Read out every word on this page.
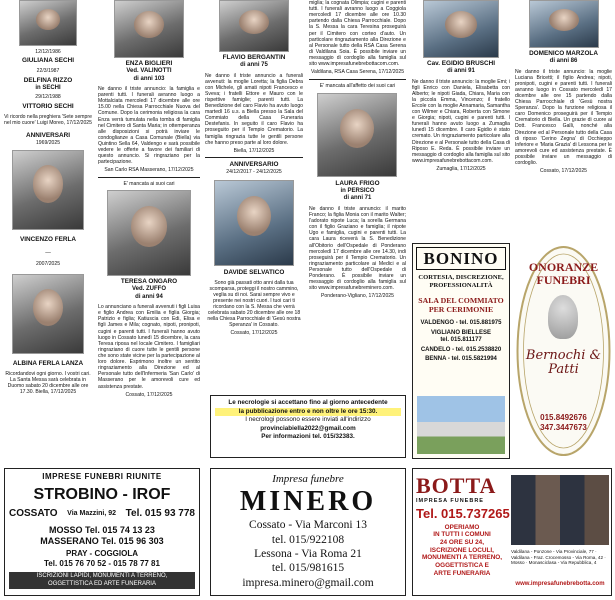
12/12/1986
GIULIANA SECHI
22/3/1987
DELFINA RIZZO
in SECHI
29/12/1988
VITTORIO SECHI
Vi ricordo nella preghiera 'Sete sempre nel mio cuore' Luigi Moreo, 17/12/2025
ANNIVERSARI
1969/2025
VINCENZO FERLA
—
2007/2025
ALBINA FERLA LANZA
Ricordandovi ogni giorno. I vostri cari. La Santa Messa sarà celebrata in Duomo sabato 20 dicembre alle ore 17.30. Biella, 17/12/2025
ENZA BIGLIERI
Ved. VALINOTTI
di anni 103
Ne danno il triste annuncio: la famiglia e parenti tutti. I funerali avranno luogo a Mottalciata mercoledì 17 dicembre alle ore 15.00 nella Chiesa Parrocchiale Nuova del Comune. Dopo la cerimonia religiosa la cara Enza verrà tumulata nella tomba di famiglia nel Cimitero di Santa Maria; in ottemperanza alle disposizioni si potrà inviare le condoglianze a Casa Comunale (Biella) via Quintino Sella 64, Valdengo e sarà possibile vedere le offerte a favore dei familiari di questo annuncio. Si ringraziano per la partecipazione.
San Carlo RSA Masserano, 17/12/2025
E' mancata ai suoi cari
TERESA ONGARO
Ved. ZUFFO
di anni 94
Lo annunciano a funerali avvenuti i figli Luisa e figlio Andrea con Emilia e figlia Giorgia; Patrizio e figlia; Katiuscia con Edi, Elisa e figli James e Mila; cognato, nipoti, pronipoti, cugini e parenti tutti. I funerali hanno avuto luogo in Cossato lunedì 15 dicembre, la cara Teresa riposa nel locale Cimitero. I famigliari ringraziano di cuore tutte le gentili persone che sono state vicine per la partecipazione al loro dolore. Esprimono inoltre un sentito ringraziamento alla Direzione ed al Personale tutto dell'Infermeria 'San Carlo' di Masserano per le amorevoli cure ed assistenza prestate.
Cossato, 17/12/2025
FLAVIO BERGANTIN
di anni 75
Ne danno il triste annuncio a funerali avvenuti: la moglie Loretta; la figlia Debra con Michele, gli amati nipoti Francesco e Sveva; i fratelli Ettore e Mauro con le rispettive famiglie; parenti tutti. La Benedizione del caro Flavio ha avuto luogo martedì 16 u.s. a Biella presso la Sala del Commiato della Casa Funeraria Destefanis. In seguito il caro Flavio ha proseguito per il Tempio Crematorio. La famiglia ringrazia tutte le gentili persone che hanno preso parte al loro dolore.
Biella, 17/12/2025
ANNIVERSARIO
24/12/2017 - 24/12/2025
DAVIDE SELVATICO
Sono già passati otto anni dalla tua scomparsa, proteggi il nostro cammino, veglia su di noi. Sarai sempre vivo e presente nei nostri cuori. I tuoi cari ti ricordano con la S. Messa che verrà celebrata sabato 20 dicembre alle ore 18 nella Chiesa Parrocchiale di 'Gesù nostra Speranza' in Cossato.
Cossato, 17/12/2025
miglia; la cognata Olimpia; cugini e parenti tutti. I funerali avranno luogo a Coggiola mercoledì 17 dicembre alle ore 10.30 partendo dalla Chiesa Parrocchiale. Dopo la S. Messa la cara Teresina proseguirà per il Cimitero con corteo d'auto. Un particolare ringraziamento alla Direzione e al Personale tutto della RSA Casa Serena di Valdilana Soia. È possibile inviare un messaggio di cordoglio alla famiglia sul sito www.impresafunebrebottacom.com.
Valdilana, RSA Casa Serena, 17/12/2025
E' mancata all'affetto dei suoi cari
LAURA FRIGO
in PERSICO
di anni 71
Ne danno il triste annuncio: il marito Franco; la figlia Monia con il marito Walter; l'adorato nipote Luca; la sorella Germana con il figlio Graziano e famiglia; il nipote Ugo e famiglia, cugini e parenti tutti. La cara Laura riceverà la S. Benedizione all'Obitorio dell'Ospedale di Ponderano mercoledì 17 dicembre alle ore 14.30, indi proseguirà per il Tempio Crematorio. Un ringraziamento particolare ai Medici e al Personale tutto dell'Ospedale di Ponderano. È possibile inviare un messaggio di cordoglio alla famiglia sul sito www.impresafunebreminero.com.
Ponderano-Vigliano, 17/12/2025
Cav. EGIDIO BRUSCHI
di anni 91
Ne danno il triste annuncio: la moglie Emi; i figli Enrico con Daniela, Elisabetta con Alberto; le nipoti Giada, Chiara, Maria con la piccola Emma, Vincenzo; il fratello Ercole con la moglie Annamaria, Samantha con Wilmer e Chiara, Roberta con Simone e Giorgia; nipoti, cugini e parenti tutti. I funerali hanno avuto luogo a Zumaglia lunedì 15 dicembre. Il caro Egidio è stato cremato. Un ringraziamento particolare alla Direzione e al Personale tutto della Casa di Riposo E. Reda. È possibile inviare un messaggio di cordoglio alla famiglia sul sito www.impresafunebrebottacom.com.
Zumaglia, 17/12/2025
DOMENICO MARZOLA
di anni 86
Ne danno il triste annuncio: la moglie Luciana Bricetti; il figlio Andrea; nipoti, pronipoti, cugini e parenti tutti. I funerali avranno luogo in Cossato mercoledì 17 dicembre alle ore 15 partendo dalla Chiesa Parrocchiale di 'Gesù nostra Speranza'. Dopo la funzione religiosa il caro Domenico proseguirà per il Tempio Crematorio di Biella. Un grazie di cuore ai Dott. Francesco Galli, nonché alla Direzione ed al Personale tutto della Casa di riposo 'Cerino Zegna' di Occhieppo Inferiore e 'Maria Grazia' di Lessona per le amorevoli cure ed assistenza prestate. È possibile inviare un messaggio di cordoglio.
Cossato, 17/12/2025
Le necrologie si accettano fino al giorno antecedente
la pubblicazione entro e non oltre le ore 15:30.
I necrologi possono essere inviati all'indirizzo
provinciabiella2022@gmail.com
Per informazioni tel. 015/32383.
BONINO
CORTESIA, DISCREZIONE, PROFESSIONALITÀ
SALA DEL COMMIATO
PER CERIMONIE
VALDENGO - tel. 015.881975
VIGLIANO BIELLESE
tel. 015.811177
CANDELO - tel. 015.2538820
BENNA - tel. 015.5821994
ONORANZE FUNEBRI
Bernochi & Patti
015.8492676
347.3447673
IMPRESE FUNEBRI RIUNITE
STROBINO - IROF
COSSATO Via Mazzini, 92 Tel. 015 93 778
MOSSO Tel. 015 74 13 23
MASSERANO Tel. 015 96 303
PRAY - COGGIOLA
Tel. 015 76 70 52 - 015 78 77 81
ISCRIZIONI LAPIDI, MONUMENTI A TERRENO,
OGGETTISTICA ED ARTE FUNERARIA
Impresa funebre
MINERO
Cossato - Via Marconi 13
tel. 015/922108
Lessona - Via Roma 21
tel. 015/981615
impresa.minero@gmail.com
BOTTA
IMPRESA FUNEBRE
Tel. 015.737265
OPERIAMO
IN TUTTI I COMUNI
24 ORE SU 24,
ISCRIZIONE LOCULI,
MONUMENTI A TERRENO,
OGGETTISTICA E
ARTE FUNERARIA
Valdilana - Ponzone - Via Provinciale, 77 · Valdilana - Fraz. Crocemosso - Via Roma, 42 · Mosso · Monasciclasa - Via Repubblica, 4
www.impresafunebrebotta.com
